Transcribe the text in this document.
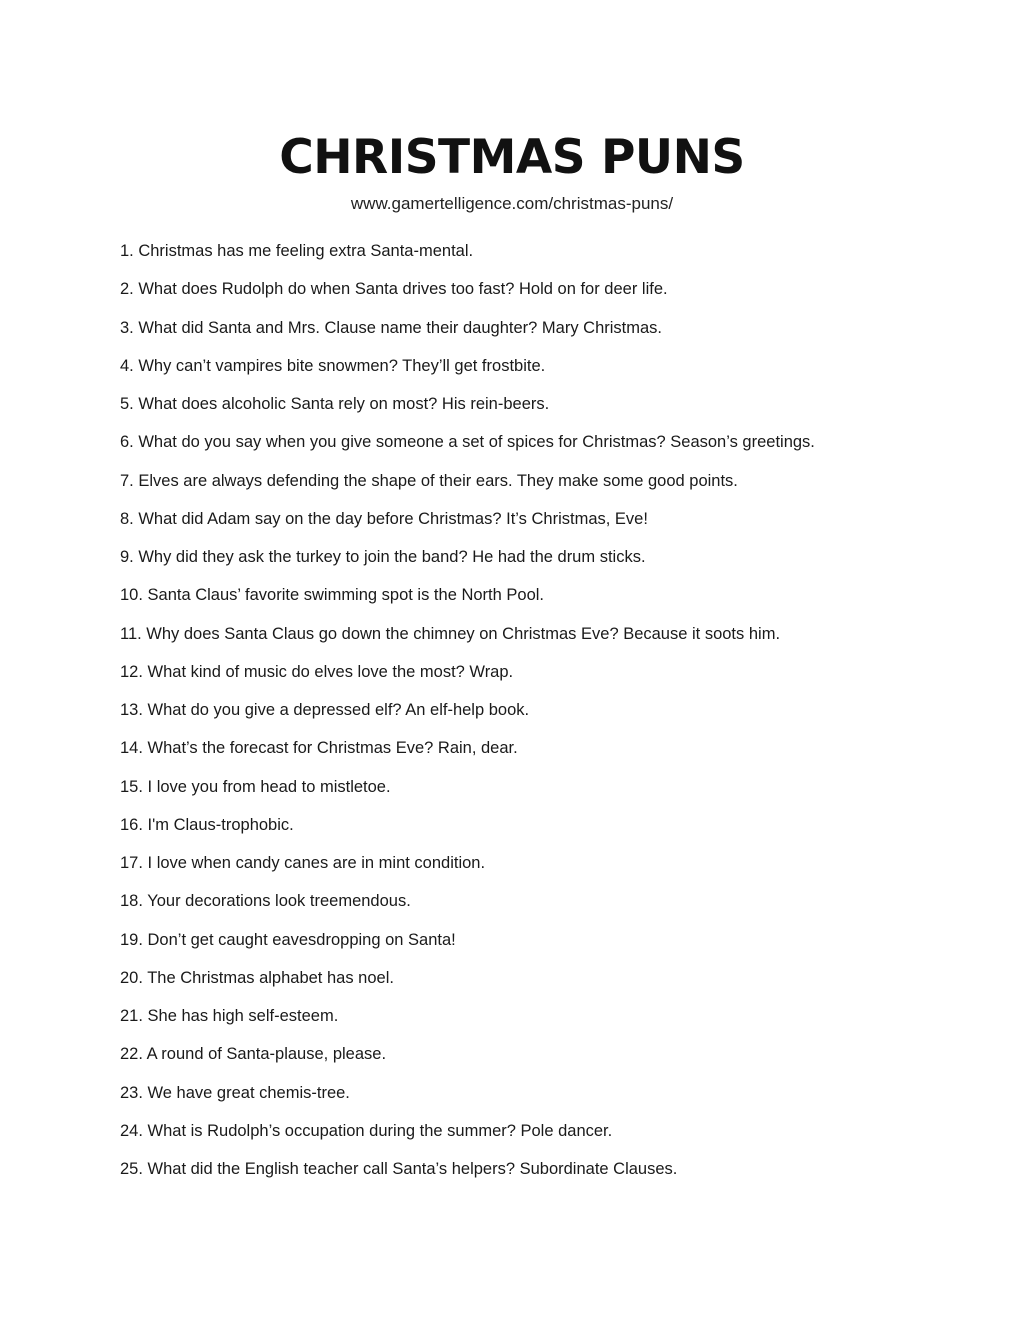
CHRISTMAS PUNS
www.gamertelligence.com/christmas-puns/
1. Christmas has me feeling extra Santa-mental.
2. What does Rudolph do when Santa drives too fast? Hold on for deer life.
3. What did Santa and Mrs. Clause name their daughter? Mary Christmas.
4. Why can’t vampires bite snowmen? They’ll get frostbite.
5. What does alcoholic Santa rely on most? His rein-beers.
6. What do you say when you give someone a set of spices for Christmas? Season’s greetings.
7. Elves are always defending the shape of their ears. They make some good points.
8. What did Adam say on the day before Christmas? It’s Christmas, Eve!
9. Why did they ask the turkey to join the band? He had the drum sticks.
10. Santa Claus’ favorite swimming spot is the North Pool.
11. Why does Santa Claus go down the chimney on Christmas Eve? Because it soots him.
12. What kind of music do elves love the most? Wrap.
13. What do you give a depressed elf? An elf-help book.
14. What’s the forecast for Christmas Eve? Rain, dear.
15. I love you from head to mistletoe.
16. I'm Claus-trophobic.
17. I love when candy canes are in mint condition.
18. Your decorations look treemendous.
19. Don’t get caught eavesdropping on Santa!
20. The Christmas alphabet has noel.
21. She has high self-esteem.
22. A round of Santa-plause, please.
23. We have great chemis-tree.
24. What is Rudolph’s occupation during the summer? Pole dancer.
25. What did the English teacher call Santa’s helpers? Subordinate Clauses.
